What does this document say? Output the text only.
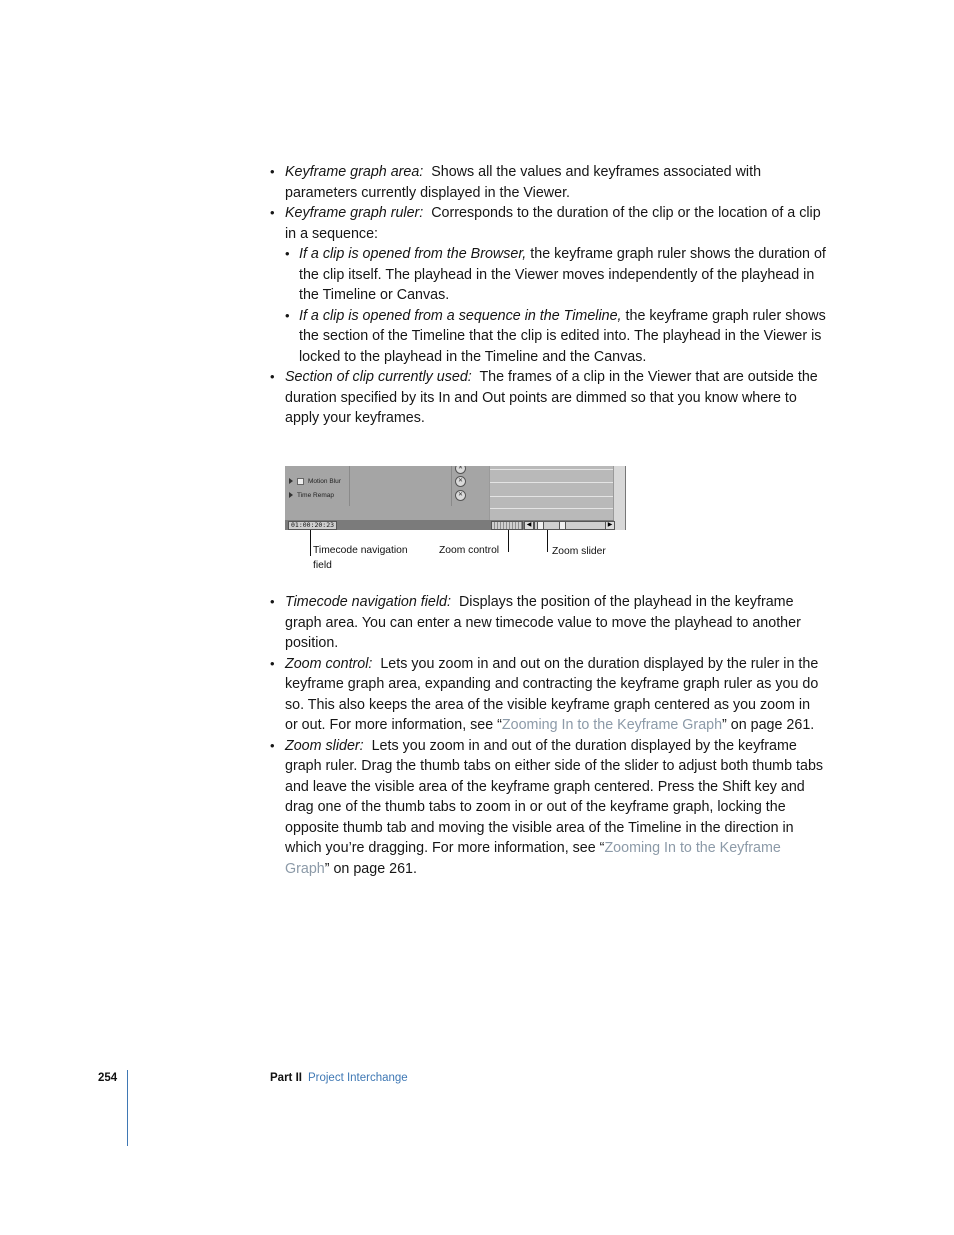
• Keyframe graph area: Shows all the values and keyframes associated with parameters currently displayed in the Viewer.

• Keyframe graph ruler: Corresponds to the duration of the clip or the location of a clip in a sequence:

• If a clip is opened from the Browser, the keyframe graph ruler shows the duration of the clip itself. The playhead in the Viewer moves independently of the playhead in the Timeline or Canvas.

• If a clip is opened from a sequence in the Timeline, the keyframe graph ruler shows the section of the Timeline that the clip is edited into. The playhead in the Viewer is locked to the playhead in the Timeline and the Canvas.

• Section of clip currently used: The frames of a clip in the Viewer that are outside the duration specified by its In and Out points are dimmed so that you know where to apply your keyframes.

Motion Blur
Time Remap
✕
✕
✕
01:00:20:23	◀	▶
Timecode navigation field
Zoom control	Zoom slider

• Timecode navigation field: Displays the position of the playhead in the keyframe graph area. You can enter a new timecode value to move the playhead to another position.

• Zoom control: Lets you zoom in and out on the duration displayed by the ruler in the keyframe graph area, expanding and contracting the keyframe graph ruler as you do so. This also keeps the area of the visible keyframe graph centered as you zoom in or out. For more information, see “Zooming In to the Keyframe Graph” on page 261.

• Zoom slider: Lets you zoom in and out of the duration displayed by the keyframe graph ruler. Drag the thumb tabs on either side of the slider to adjust both thumb tabs and leave the visible area of the keyframe graph centered. Press the Shift key and drag one of the thumb tabs to zoom in or out of the keyframe graph, locking the opposite thumb tab and moving the visible area of the Timeline in the direction in which you’re dragging. For more information, see “Zooming In to the Keyframe Graph” on page 261.

254	Part II Project Interchange
